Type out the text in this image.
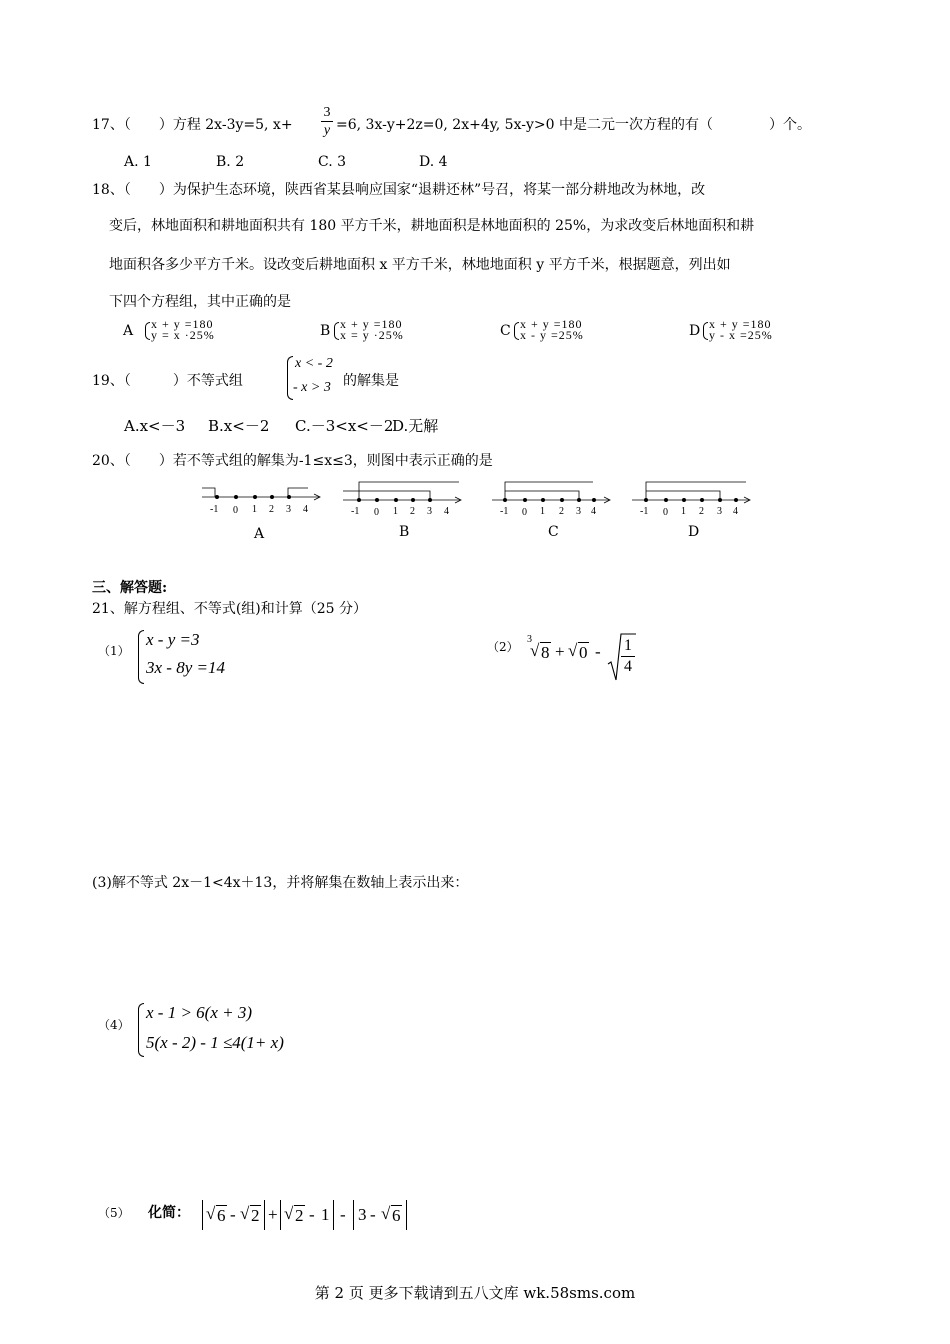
17、（　　）方程 2x-3y=5, x+
3
y =6, 3x-y+2z=0, 2x+4y, 5x-y>0 中是二元一次方程的有（　　　　）个。
A. 1	B. 2	C. 3	D. 4
18、（　　）为保护生态环境，陕西省某县响应国家“退耕还林”号召，将某一部分耕地改为林地，改
变后，林地面积和耕地面积共有 180 平方千米，耕地面积是林地面积的 25%，为求改变后林地面积和耕
地面积各多少平方千米。设改变后耕地面积 x 平方千米，林地地面积 y 平方千米，根据题意，列出如
下四个方程组，其中正确的是
A x + y =180
y = x ·25%	B x + y =180
x = y ·25%	C x + y =180
x - y =25%	D x + y =180
y - x =25%
19、（　　　）不等式组
x < - 2
- x > 3 的解集是
A.x<－3 B.x<－2 C.－3<x<－2
D.无解
20、（　　）若不等式组的解集为-1≤x≤3，则图中表示正确的是
-1 0 1 2 3 4
A
-1 0 1 2 3 4
B
-1 0 1 2 3 4
C
-1 0 1 2 3 4
D
三、解答题:
21、解方程组、不等式(组)和计算（25 分）
（1）
x - y =3
3x - 8y =14
（2）
3
√ 8 + √ 0 - 1
4
(3)解不等式 2x－1<4x＋13，并将解集在数轴上表示出来：
（4）
x - 1 > 6(x + 3)
5(x - 2) - 1 ≤4(1+ x)
（5） 化简： √ 6 - √ 2 + √ 2 - 1 - 3 - √ 6
第 2 页 更多下载请到五八文库 wk.58sms.com
